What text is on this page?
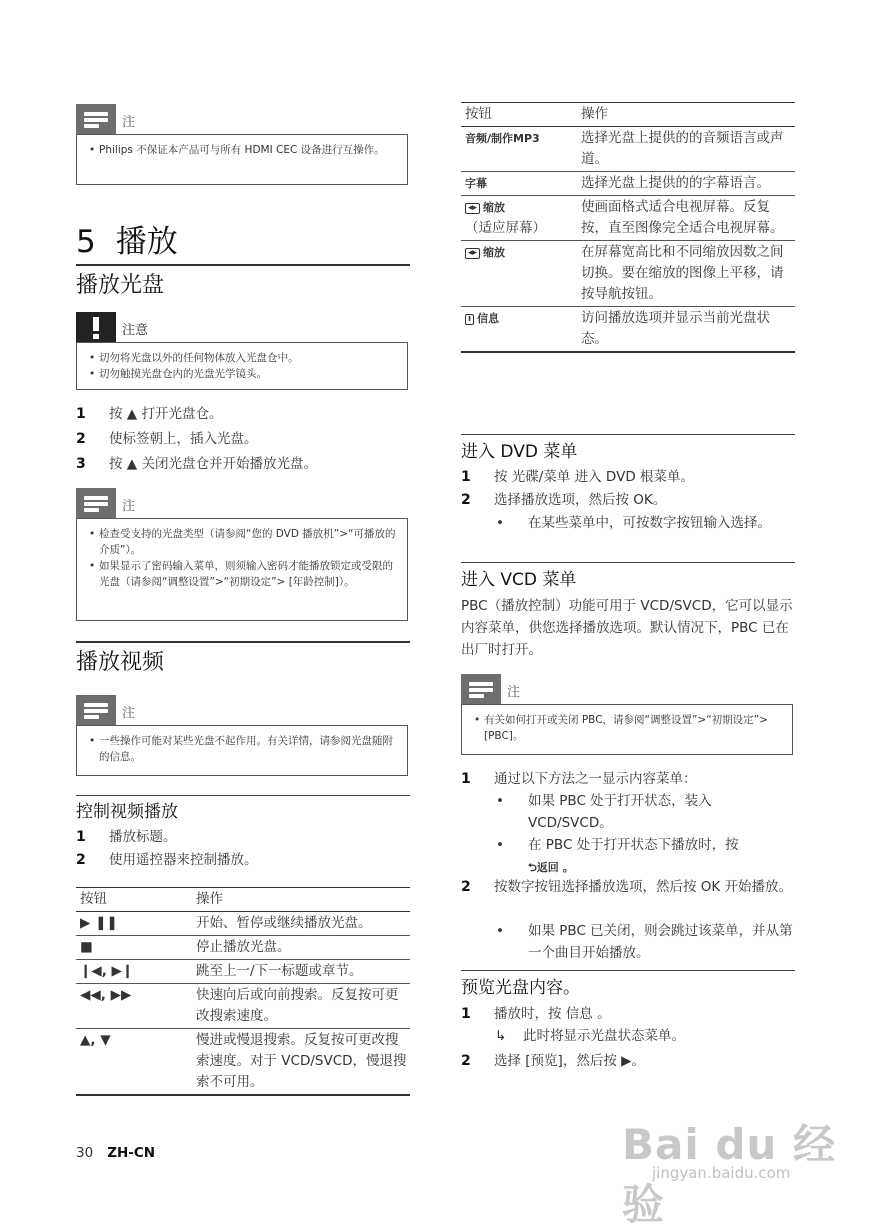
注
• Philips 不保证本产品可与所有 HDMI CEC 设备进行互操作。
5 播放
播放光盘
注意
• 切勿将光盘以外的任何物体放入光盘仓中。
• 切勿触摸光盘仓内的光盘光学镜头。
1 按 ▲ 打开光盘仓。
2 使标签朝上，插入光盘。
3 按 ▲ 关闭光盘仓并开始播放光盘。
注
• 检查受支持的光盘类型（请参阅“您的 DVD 播放机”>“可播放的介质”）。
• 如果显示了密码输入菜单，则须输入密码才能播放锁定或受限的光盘（请参阅“调整设置”>“初期设定”> [年龄控制]）。
播放视频
注
• 一些操作可能对某些光盘不起作用。有关详情，请参阅光盘随附的信息。
控制视频播放
1 播放标题。
2 使用遥控器来控制播放。
按钮	操作
▶ ❚❚	开始、暂停或继续播放光盘。
■	停止播放光盘。
❙◀, ▶❙	跳至上一/下一标题或章节。
◀◀, ▶▶	快速向后或向前搜索。反复按可更改搜索速度。
▲, ▼	慢进或慢退搜索。反复按可更改搜索速度。对于 VCD/SVCD，慢退搜索不可用。
按钮	操作
音频/制作MP3	选择光盘上提供的的音频语言或声道。
字幕	选择光盘上提供的的字幕语言。
◂▸ 缩放
（适应屏幕）	使画面格式适合电视屏幕。反复按，直至图像完全适合电视屏幕。
◂▸ 缩放	在屏幕宽高比和不同缩放因数之间切换。要在缩放的图像上平移，请按导航按钮。
i 信息	访问播放选项并显示当前光盘状态。
进入 DVD 菜单
1 按 光碟/菜单 进入 DVD 根菜单。
2 选择播放选项，然后按 OK。
• 在某些菜单中，可按数字按钮输入选择。
进入 VCD 菜单
PBC（播放控制）功能可用于 VCD/SVCD，它可以显示内容菜单，供您选择播放选项。默认情况下，PBC 已在出厂时打开。
注
• 有关如何打开或关闭 PBC，请参阅“调整设置”>“初期设定”> [PBC]。
1 通过以下方法之一显示内容菜单：
• 如果 PBC 处于打开状态，装入 VCD/SVCD。
• 在 PBC 处于打开状态下播放时，按
⮌返回 。
2 按数字按钮选择播放选项，然后按 OK 开始播放。
• 如果 PBC 已关闭，则会跳过该菜单，并从第一个曲目开始播放。
预览光盘内容。
1 播放时，按 信息 。
↳ 此时将显示光盘状态菜单。
2 选择 [预览]，然后按 ▶。
30 ZH-CN	Bai du 经验
jingyan.baidu.com
